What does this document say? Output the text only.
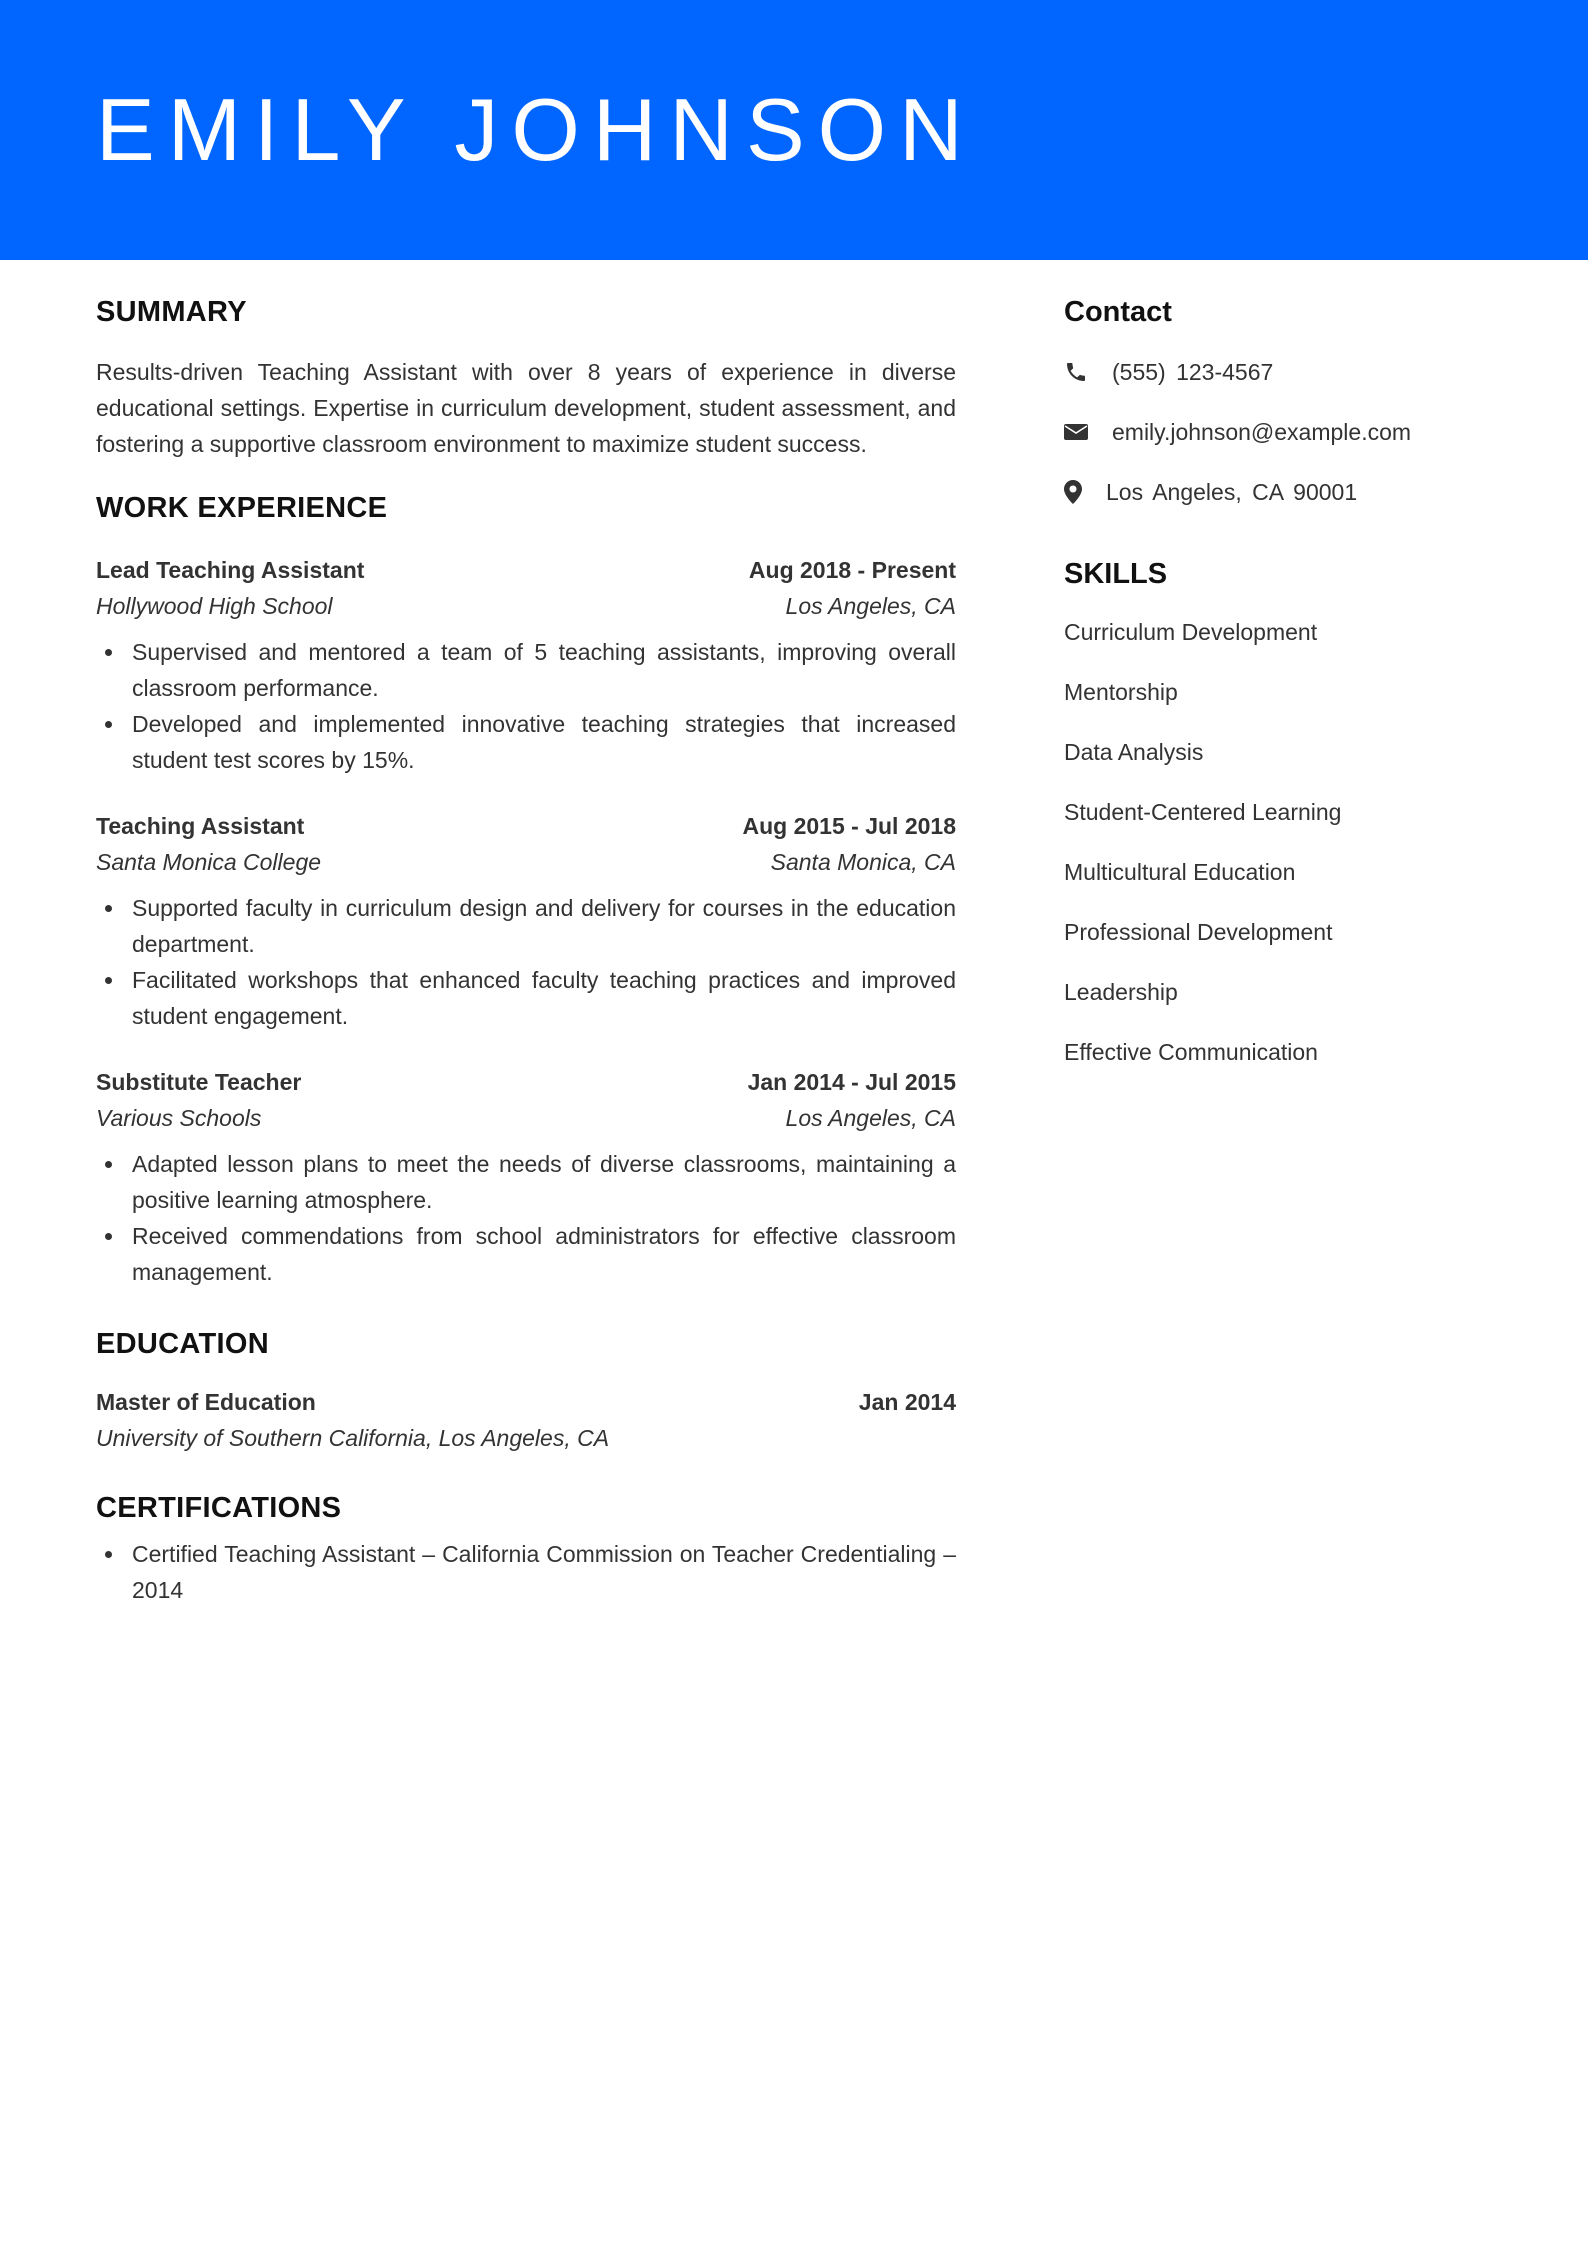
EMILY JOHNSON
SUMMARY

Results-driven Teaching Assistant with over 8 years of experience in diverse educational settings. Expertise in curriculum development, student assessment, and fostering a supportive classroom environment to maximize student success.

WORK EXPERIENCE
Lead Teaching Assistant	Aug 2018 - Present
Hollywood High School	Los Angeles, CA
Supervised and mentored a team of 5 teaching assistants, improving overall classroom performance.
Developed and implemented innovative teaching strategies that increased student test scores by 15%.
Teaching Assistant	Aug 2015 - Jul 2018
Santa Monica College	Santa Monica, CA
Supported faculty in curriculum design and delivery for courses in the education department.
Facilitated workshops that enhanced faculty teaching practices and improved student engagement.
Substitute Teacher	Jan 2014 - Jul 2015
Various Schools	Los Angeles, CA
Adapted lesson plans to meet the needs of diverse classrooms, maintaining a positive learning atmosphere.
Received commendations from school administrators for effective classroom management.
EDUCATION
Master of Education	Jan 2014
University of Southern California, Los Angeles, CA
CERTIFICATIONS
Certified Teaching Assistant – California Commission on Teacher Credentialing – 2014
Contact
(555) 123-4567
emily.johnson@example.com
Los Angeles, CA 90001
SKILLS
Curriculum Development
Mentorship
Data Analysis
Student-Centered Learning
Multicultural Education
Professional Development
Leadership
Effective Communication
